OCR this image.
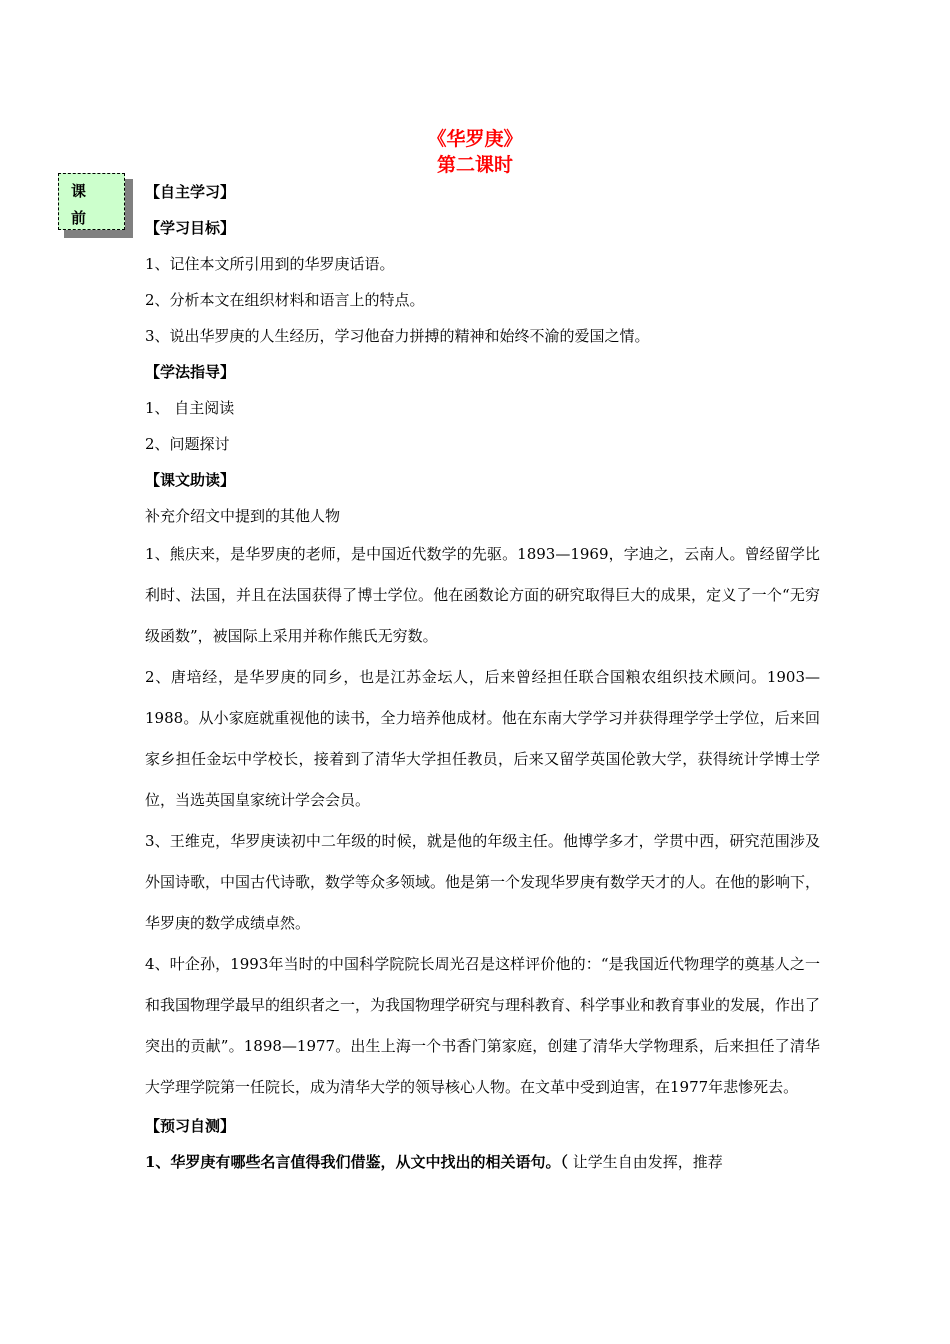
《华罗庚》
第二课时
课
前

【自主学习】

【学习目标】

1、记住本文所引用到的华罗庚话语。

2、分析本文在组织材料和语言上的特点。

3、说出华罗庚的人生经历，学习他奋力拼搏的精神和始终不渝的爱国之情。

【学法指导】

1、 自主阅读

2、问题探讨

【课文助读】

补充介绍文中提到的其他人物

1、熊庆来，是华罗庚的老师，是中国近代数学的先驱。1893—1969，字迪之，云南人。曾经留学比利时、法国，并且在法国获得了博士学位。他在函数论方面的研究取得巨大的成果，定义了一个“无穷级函数”，被国际上采用并称作熊氏无穷数。

2、唐培经，是华罗庚的同乡，也是江苏金坛人，后来曾经担任联合国粮农组织技术顾问。1903—1988。从小家庭就重视他的读书，全力培养他成材。他在东南大学学习并获得理学学士学位，后来回家乡担任金坛中学校长，接着到了清华大学担任教员，后来又留学英国伦敦大学，获得统计学博士学位，当选英国皇家统计学会会员。

3、王维克，华罗庚读初中二年级的时候，就是他的年级主任。他博学多才，学贯中西，研究范围涉及外国诗歌，中国古代诗歌，数学等众多领域。他是第一个发现华罗庚有数学天才的人。在他的影响下，华罗庚的数学成绩卓然。

4、叶企孙，1993年当时的中国科学院院长周光召是这样评价他的：“是我国近代物理学的奠基人之一和我国物理学最早的组织者之一，为我国物理学研究与理科教育、科学事业和教育事业的发展，作出了突出的贡献”。1898—1977。出生上海一个书香门第家庭，创建了清华大学物理系，后来担任了清华大学理学院第一任院长，成为清华大学的领导核心人物。在文革中受到迫害，在1977年悲惨死去。

【预习自测】

1、华罗庚有哪些名言值得我们借鉴，从文中找出的相关语句。（ 让学生自由发挥，推荐
